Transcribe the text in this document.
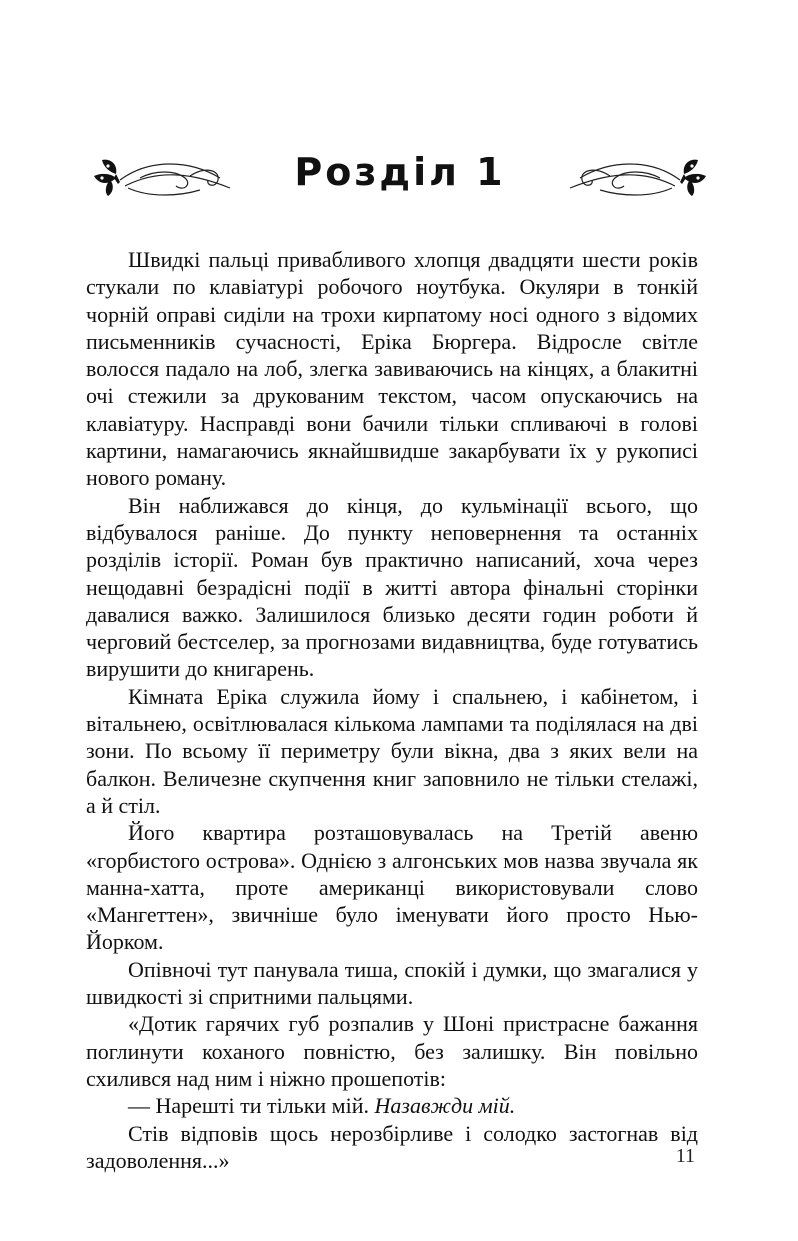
Розділ 1

Швидкі пальці привабливого хлопця двадцяти шести років стукали по клавіатурі робочого ноутбука. Окуляри в тонкій чорній оправі сиділи на трохи кирпатому носі одного з відомих письменників сучасності, Еріка Бюргера. Відросле світле волосся падало на лоб, злегка завиваючись на кінцях, а блакитні очі стежили за друкованим текстом, часом опускаючись на клавіатуру. Насправді вони бачили тільки спливаючі в голові картини, намагаючись якнайшвидше закарбувати їх у рукописі нового роману.

Він наближався до кінця, до кульмінації всього, що відбувалося раніше. До пункту неповернення та останніх розділів історії. Роман був практично написаний, хоча через нещодавні безрадісні події в житті автора фінальні сторінки давалися важко. Залишилося близько десяти годин роботи й черговий бестселер, за прогнозами видавництва, буде готуватись вирушити до книгарень.

Кімната Еріка служила йому і спальнею, і кабінетом, і вітальнею, освітлювалася кількома лампами та поділялася на дві зони. По всьому її периметру були вікна, два з яких вели на балкон. Величезне скупчення книг заповнило не тільки стелажі, а й стіл.

Його квартира розташовувалась на Третій авеню «горбистого острова». Однією з алгонських мов назва звучала як манна-хатта, проте американці використовували слово «Мангеттен», звичніше було іменувати його просто Нью-Йорком.

Опівночі тут панувала тиша, спокій і думки, що змагалися у швидкості зі спритними пальцями.

«Дотик гарячих губ розпалив у Шоні пристрасне бажання поглинути коханого повністю, без залишку. Він повільно схилився над ним і ніжно прошепотів:

— Нарешті ти тільки мій. Назавжди мій.

Стів відповів щось нерозбірливе і солодко застогнав від задоволення...»	11
